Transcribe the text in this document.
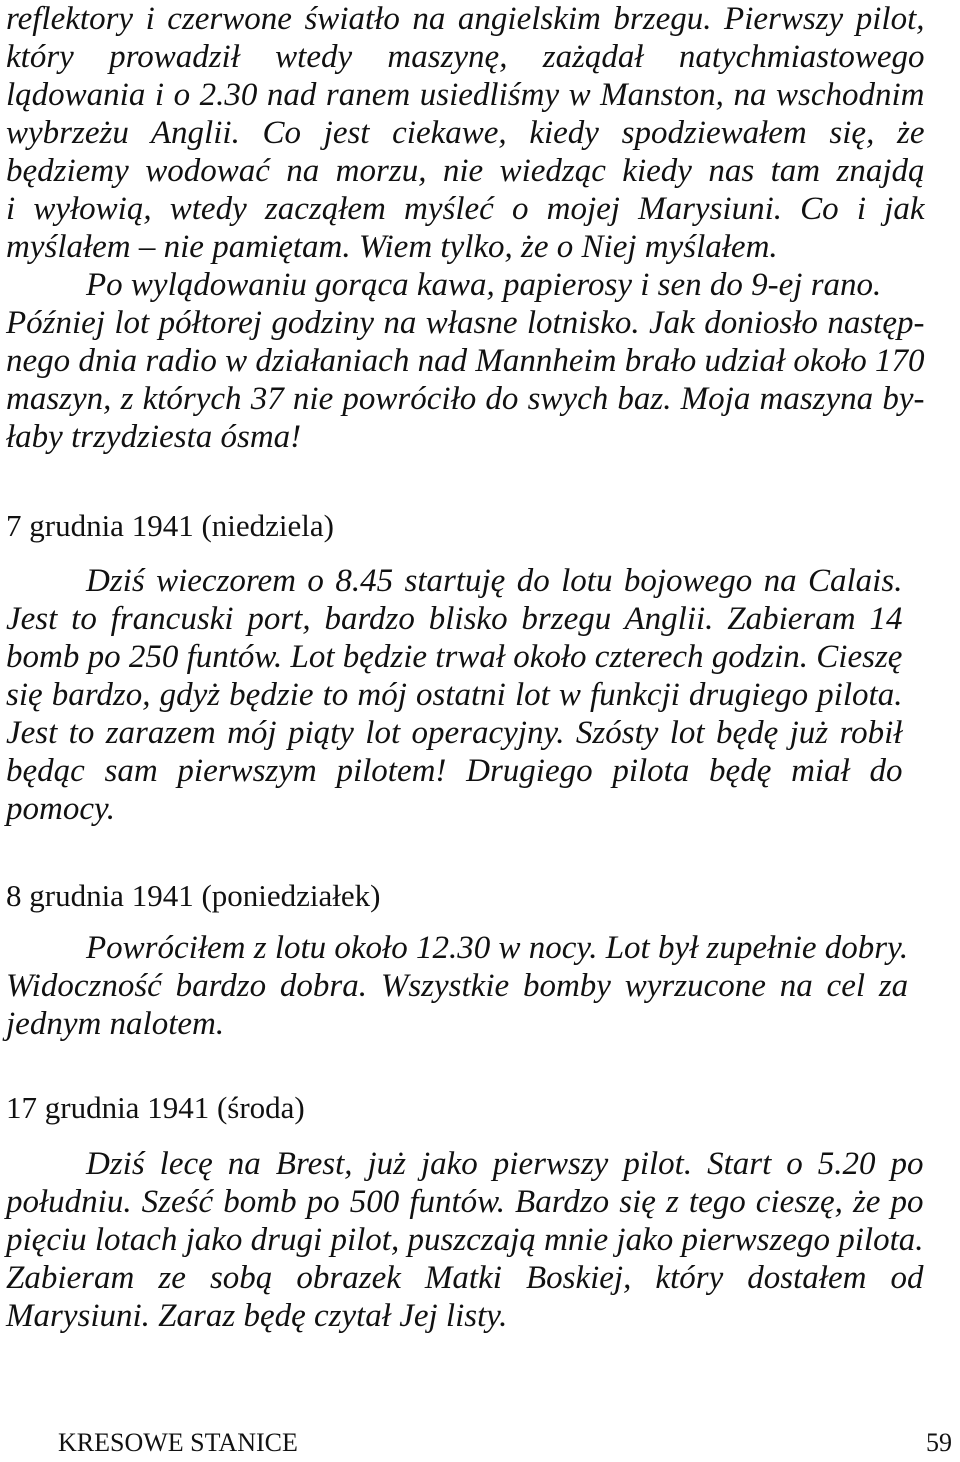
reflektory i czerwone światło na angielskim brzegu. Pierwszy pilot,
który prowadził wtedy maszynę, zażądał natychmiastowego
lądowania i o 2.30 nad ranem usiedliśmy w Manston, na wschodnim
wybrzeżu Anglii. Co jest ciekawe, kiedy spodziewałem się, że
będziemy wodować na morzu, nie wiedząc kiedy nas tam znajdą
i wyłowią, wtedy zacząłem myśleć o mojej Marysiuni. Co i jak
myślałem – nie pamiętam. Wiem tylko, że o Niej myślałem.
Po wylądowaniu gorąca kawa, papierosy i sen do 9-ej rano.
Później lot półtorej godziny na własne lotnisko. Jak doniosło następ-
nego dnia radio w działaniach nad Mannheim brało udział około 170
maszyn, z których 37 nie powróciło do swych baz. Moja maszyna by-
łaby trzydziesta ósma!
7 grudnia 1941 (niedziela)
Dziś wieczorem o 8.45 startuję do lotu bojowego na Calais.
Jest to francuski port, bardzo blisko brzegu Anglii. Zabieram 14
bomb po 250 funtów. Lot będzie trwał około czterech godzin. Cieszę
się bardzo, gdyż będzie to mój ostatni lot w funkcji drugiego pilota.
Jest to zarazem mój piąty lot operacyjny. Szósty lot będę już robił
będąc sam pierwszym pilotem! Drugiego pilota będę miał do
pomocy.
8 grudnia 1941 (poniedziałek)
Powróciłem z lotu około 12.30 w nocy. Lot był zupełnie dobry.
Widoczność bardzo dobra. Wszystkie bomby wyrzucone na cel za
jednym nalotem.
17 grudnia 1941 (środa)
Dziś lecę na Brest, już jako pierwszy pilot. Start o 5.20 po
południu. Sześć bomb po 500 funtów. Bardzo się z tego cieszę, że po
pięciu lotach jako drugi pilot, puszczają mnie jako pierwszego pilota.
Zabieram ze sobą obrazek Matki Boskiej, który dostałem od
Marysiuni. Zaraz będę czytał Jej listy.
KRESOWE STANICE	59
